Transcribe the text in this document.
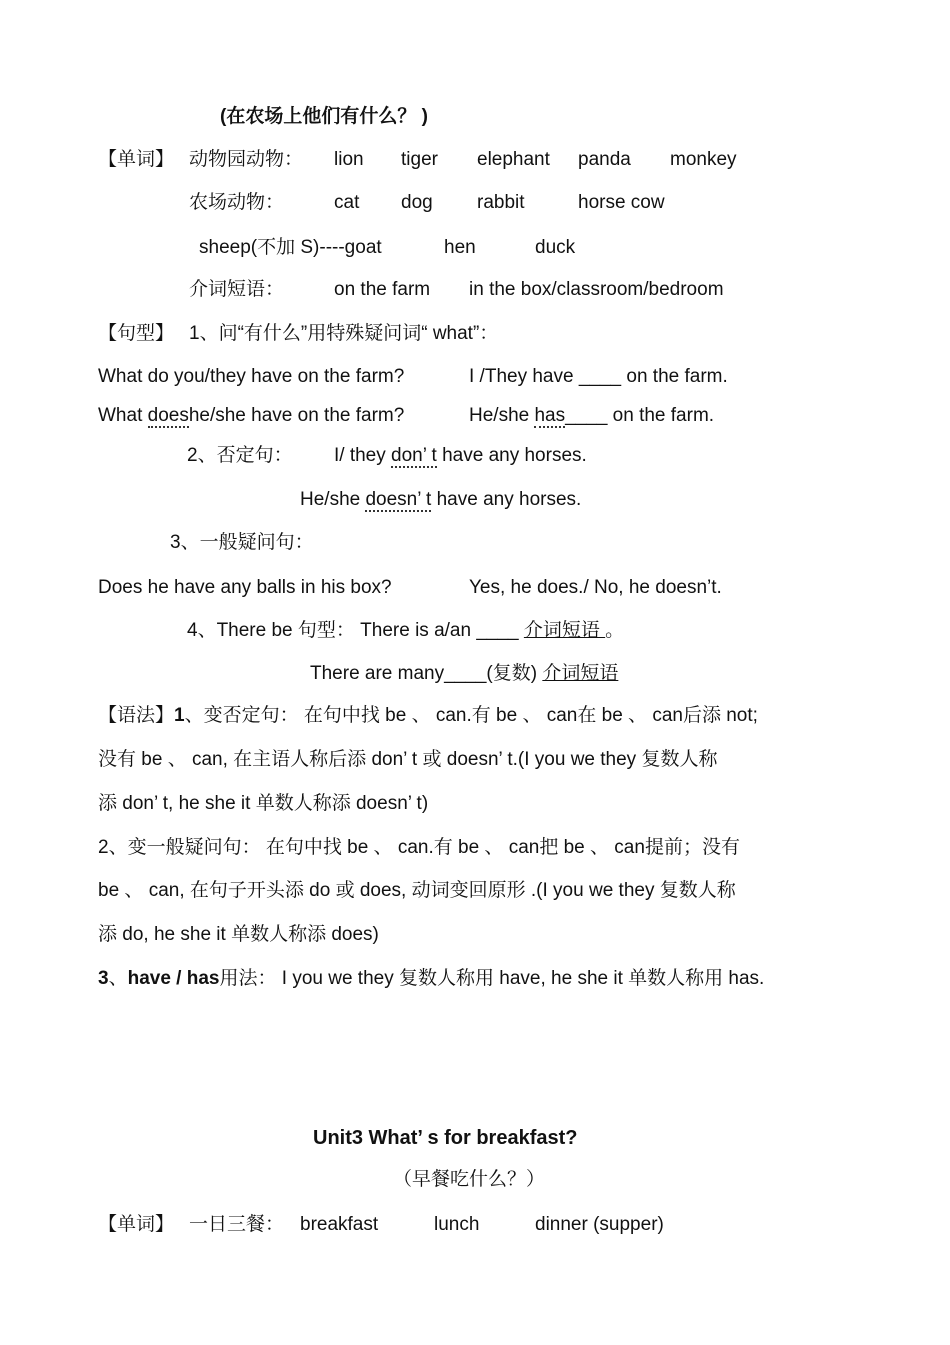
(在农场上他们有什么？ )
【单词】 动物园动物： lion tiger elephant panda monkey
农场动物：	cat dog rabbit	horse cow
sheep(不加 S)----goat	hen	duck
介词短语：	on the farm in the box/classroom/bedroom
【句型】 1、问“有什么”用特殊疑问词“ what”：
What do you/they have on the farm?	I /They have ____ on the farm.
What doeshe/she have on the farm?	He/she has____ on the farm.
2、否定句： I/ they don’ t have any horses.
He/she doesn’ t have any horses.
3、一般疑问句：
Does he have any balls in his box?	Yes, he does./ No, he doesn’t.
4、There be 句型： There is a/an ____ 介词短语 。
There are many____(复数) 介词短语
【语法】1、变否定句： 在句中找 be 、 can.有 be 、 can在 be 、 can后添 not;
没有 be 、 can, 在主语人称后添 don’ t 或 doesn’ t.(I you we they 复数人称
添 don’ t, he she it 单数人称添 doesn’ t)
2、变一般疑问句： 在句中找 be 、 can.有 be 、 can把 be 、 can提前；没有
be 、 can, 在句子开头添 do 或 does, 动词变回原形 .(I you we they 复数人称
添 do, he she it 单数人称添 does)
3、have / has用法： I you we they 复数人称用 have, he she it 单数人称用 has.
Unit3 What’ s for breakfast?
（早餐吃什么？）
【单词】 一日三餐： breakfast	lunch	dinner (supper)
